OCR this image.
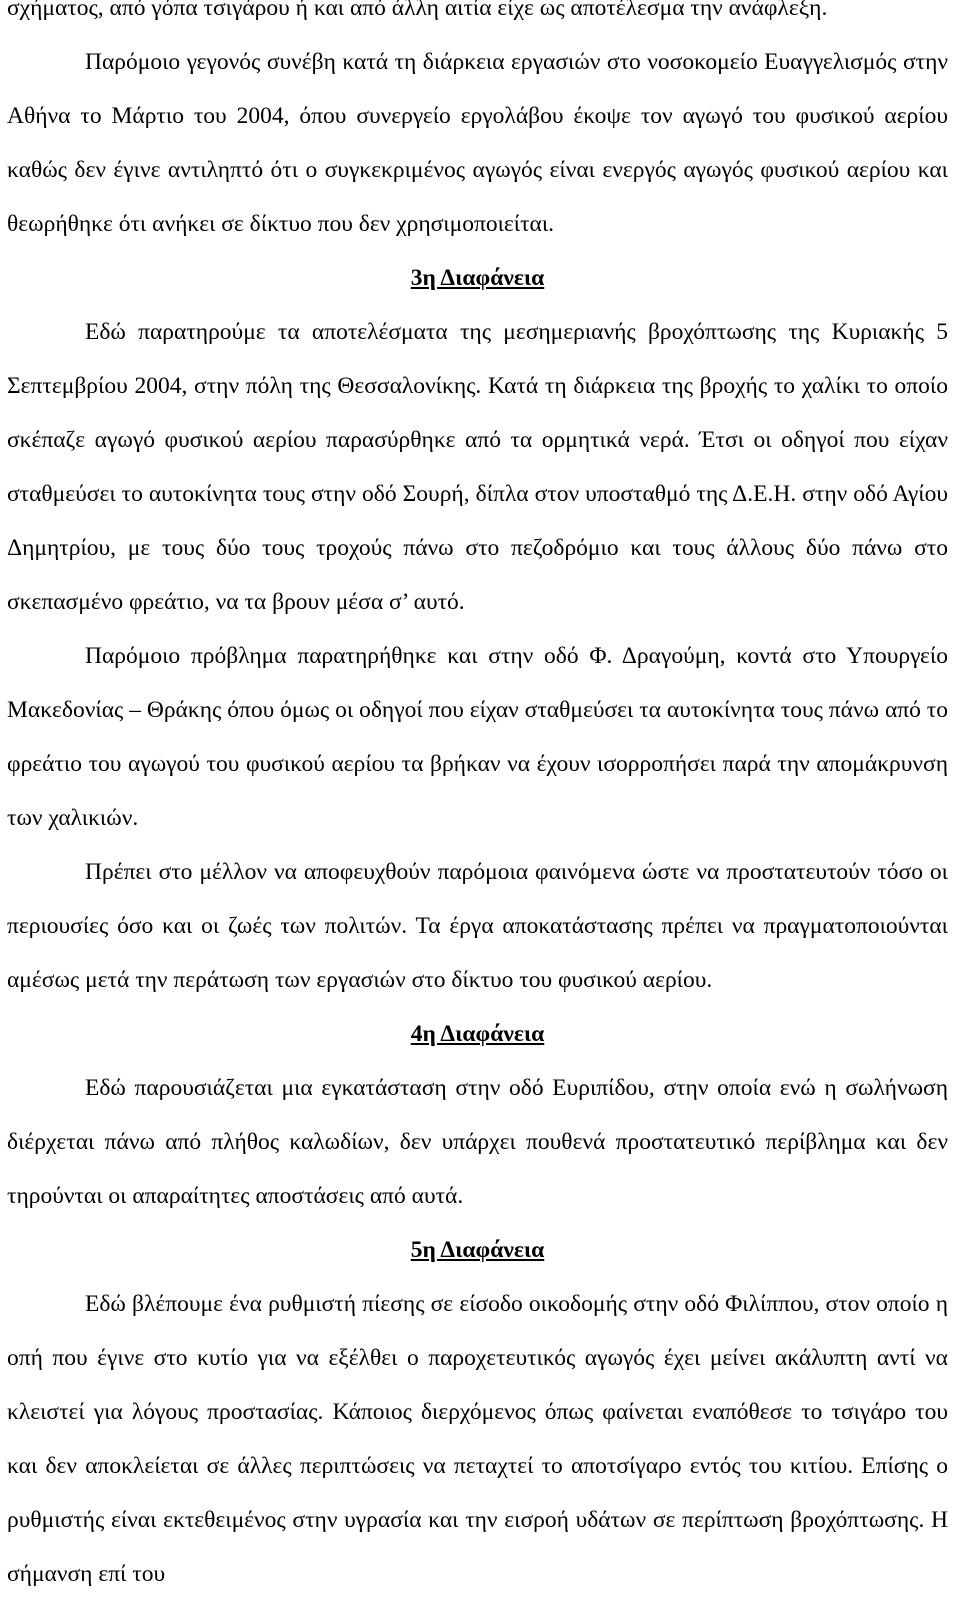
σχήματος, από γόπα τσιγάρου ή και από άλλη αιτία είχε ως αποτέλεσμα την ανάφλεξη.

Παρόμοιο γεγονός συνέβη κατά τη διάρκεια εργασιών στο νοσοκομείο Ευαγγελισμός στην Αθήνα το Μάρτιο του 2004, όπου συνεργείο εργολάβου έκοψε τον αγωγό του φυσικού αερίου καθώς δεν έγινε αντιληπτό ότι ο συγκεκριμένος αγωγός είναι ενεργός αγωγός φυσικού αερίου και θεωρήθηκε ότι ανήκει σε δίκτυο που δεν χρησιμοποιείται.

3η Διαφάνεια

Εδώ παρατηρούμε τα αποτελέσματα της μεσημεριανής βροχόπτωσης της Κυριακής 5 Σεπτεμβρίου 2004, στην πόλη της Θεσσαλονίκης. Κατά τη διάρκεια της βροχής το χαλίκι το οποίο σκέπαζε αγωγό φυσικού αερίου παρασύρθηκε από τα ορμητικά νερά. Έτσι οι οδηγοί που είχαν σταθμεύσει το αυτοκίνητα τους στην οδό Σουρή, δίπλα στον υποσταθμό της Δ.Ε.Η. στην οδό Αγίου Δημητρίου, με τους δύο τους τροχούς πάνω στο πεζοδρόμιο και τους άλλους δύο πάνω στο σκεπασμένο φρεάτιο, να τα βρουν μέσα σ’ αυτό.

Παρόμοιο πρόβλημα παρατηρήθηκε και στην οδό Φ. Δραγούμη, κοντά στο Υπουργείο Μακεδονίας – Θράκης όπου όμως οι οδηγοί που είχαν σταθμεύσει τα αυτοκίνητα τους πάνω από το φρεάτιο του αγωγού του φυσικού αερίου τα βρήκαν να έχουν ισορροπήσει παρά την απομάκρυνση των χαλικιών.

Πρέπει στο μέλλον να αποφευχθούν παρόμοια φαινόμενα ώστε να προστατευτούν τόσο οι περιουσίες όσο και οι ζωές των πολιτών. Τα έργα αποκατάστασης πρέπει να πραγματοποιούνται αμέσως μετά την περάτωση των εργασιών στο δίκτυο του φυσικού αερίου.

4η Διαφάνεια

Εδώ παρουσιάζεται μια εγκατάσταση στην οδό Ευριπίδου, στην οποία ενώ η σωλήνωση διέρχεται πάνω από πλήθος καλωδίων, δεν υπάρχει πουθενά προστατευτικό περίβλημα και δεν τηρούνται οι απαραίτητες αποστάσεις από αυτά.

5η Διαφάνεια

Εδώ βλέπουμε ένα ρυθμιστή πίεσης σε είσοδο οικοδομής στην οδό Φιλίππου, στον οποίο η οπή που έγινε στο κυτίο για να εξέλθει ο παροχετευτικός αγωγός έχει μείνει ακάλυπτη αντί να κλειστεί για λόγους προστασίας. Κάποιος διερχόμενος όπως φαίνεται εναπόθεσε το τσιγάρο του και δεν αποκλείεται σε άλλες περιπτώσεις να πεταχτεί το αποτσίγαρο εντός του κιτίου. Επίσης ο ρυθμιστής είναι εκτεθειμένος στην υγρασία και την εισροή υδάτων σε περίπτωση βροχόπτωσης. Η σήμανση επί του
